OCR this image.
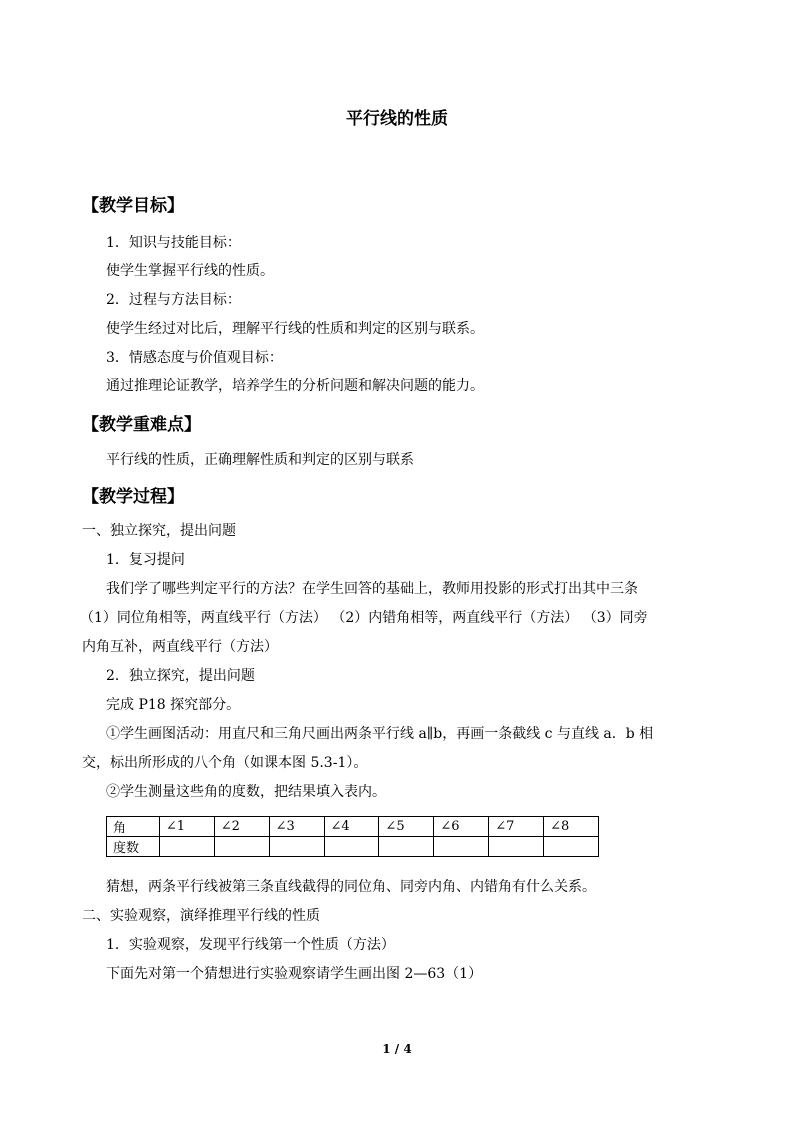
平行线的性质
【教学目标】
1．知识与技能目标：
使学生掌握平行线的性质。
2．过程与方法目标：
使学生经过对比后，理解平行线的性质和判定的区别与联系。
3．情感态度与价值观目标：
通过推理论证教学，培养学生的分析问题和解决问题的能力。
【教学重难点】
平行线的性质，正确理解性质和判定的区别与联系
【教学过程】
一、独立探究，提出问题
1．复习提问
我们学了哪些判定平行的方法？在学生回答的基础上，教师用投影的形式打出其中三条
（1）同位角相等，两直线平行（方法） （2）内错角相等，两直线平行（方法） （3）同旁
内角互补，两直线平行（方法）
2．独立探究，提出问题
完成 P18 探究部分。
①学生画图活动：用直尺和三角尺画出两条平行线 a∥b，再画一条截线 c 与直线 a．b 相
交，标出所形成的八个角（如课本图 5.3-1）。
②学生测量这些角的度数，把结果填入表内。
角	∠1	∠2	∠3	∠4	∠5	∠6	∠7	∠8
度数								
猜想，两条平行线被第三条直线截得的同位角、同旁内角、内错角有什么关系。
二、实验观察，演绎推理平行线的性质
1．实验观察，发现平行线第一个性质（方法）
下面先对第一个猜想进行实验观察请学生画出图 2—63（1）
1 / 4
